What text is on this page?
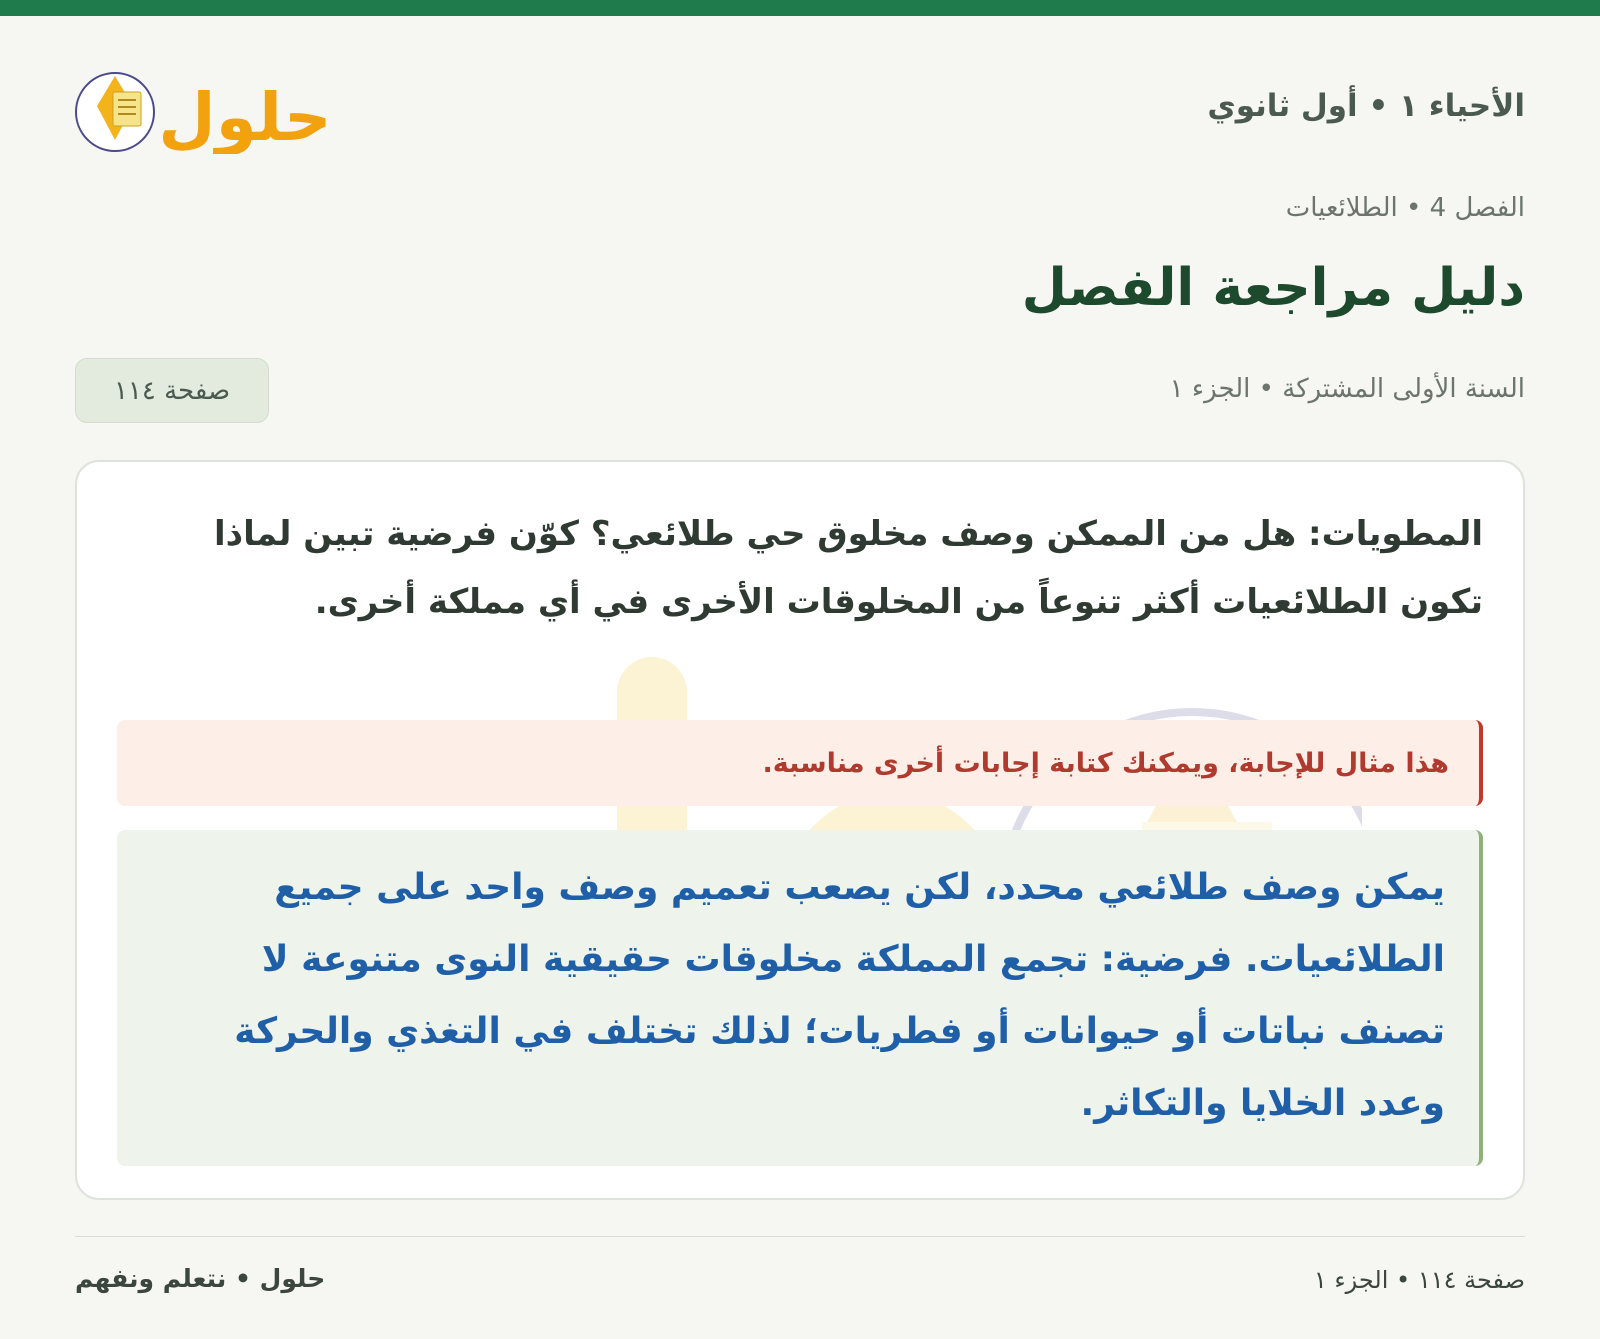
الأحياء ١ • أول ثانوي
حلول
الفصل 4 • الطلائعيات
دليل مراجعة الفصل
السنة الأولى المشتركة • الجزء ١
صفحة ١١٤
المطويات: هل من الممكن وصف مخلوق حي طلائعي؟ كوّن فرضية تبين لماذا تكون الطلائعيات أكثر تنوعاً من المخلوقات الأخرى في أي مملكة أخرى.
هذا مثال للإجابة، ويمكنك كتابة إجابات أخرى مناسبة.
يمكن وصف طلائعي محدد، لكن يصعب تعميم وصف واحد على جميع الطلائعيات. فرضية: تجمع المملكة مخلوقات حقيقية النوى متنوعة لا تصنف نباتات أو حيوانات أو فطريات؛ لذلك تختلف في التغذي والحركة وعدد الخلايا والتكاثر.
صفحة ١١٤ • الجزء ١
حلول • نتعلم ونفهم
